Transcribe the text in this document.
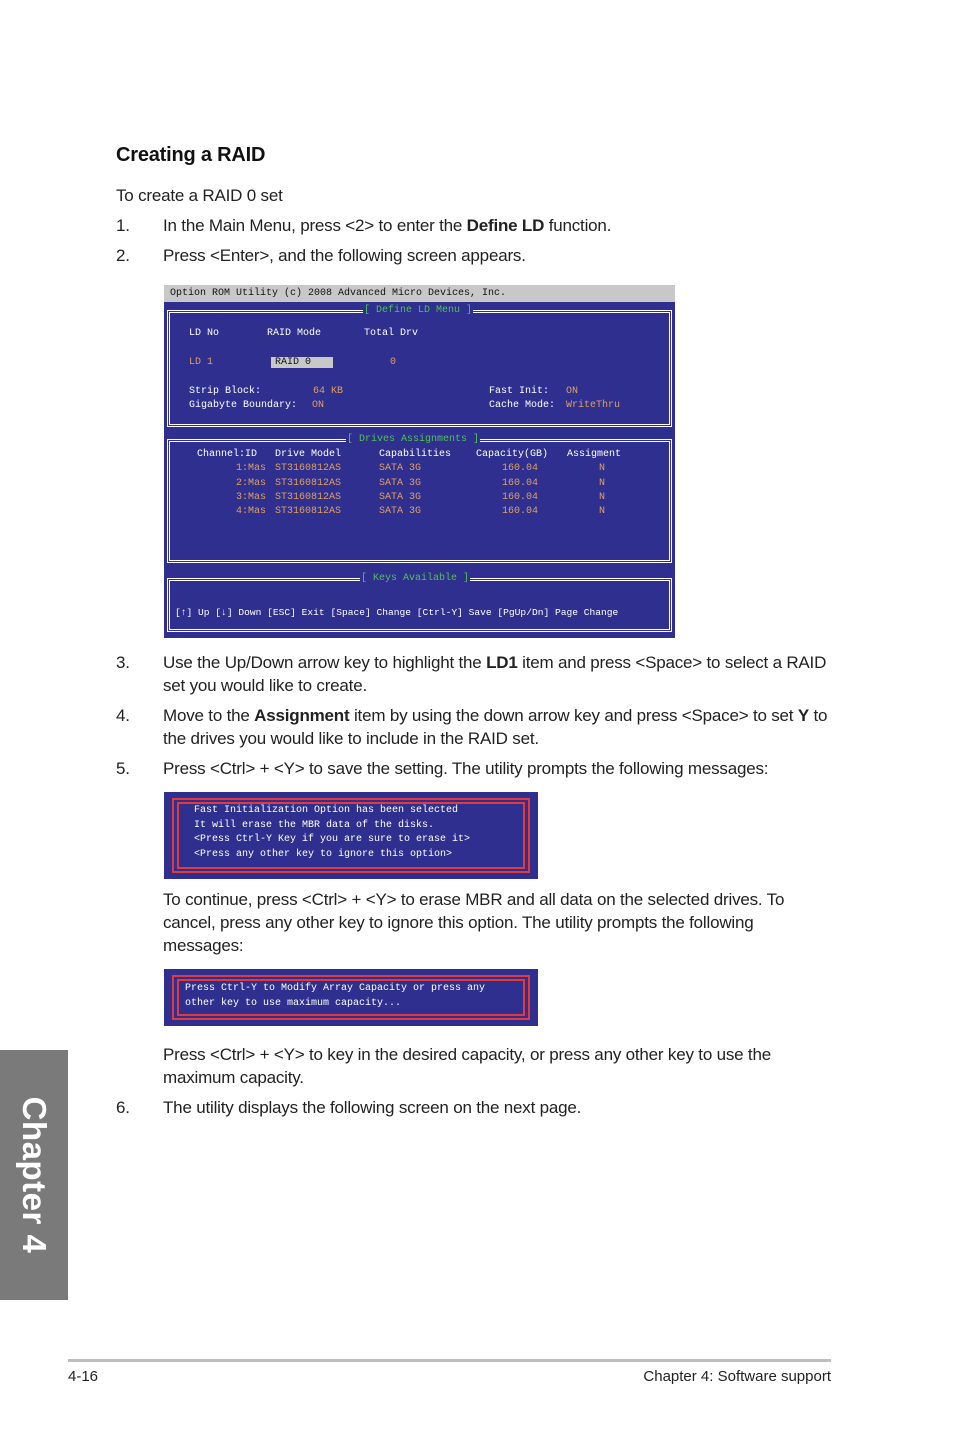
Creating a RAID
To create a RAID 0 set
1. In the Main Menu, press <2> to enter the Define LD function.
2. Press <Enter>, and the following screen appears.
Option ROM Utility (c) 2008 Advanced Micro Devices, Inc.
[ Define LD Menu ]
LD No	RAID Mode	Total Drv
LD 1	RAID 0	0
Strip Block:	64 KB
Gigabyte Boundary: ON
Fast Init: ON
Cache Mode: WriteThru
[ Drives Assignments ]
Channel:ID Drive Model	Capabilities Capacity(GB) Assigment
1:Mas ST3160812AS	SATA 3G	160.04	N
2:Mas ST3160812AS	SATA 3G	160.04	N
3:Mas ST3160812AS	SATA 3G	160.04	N
4:Mas ST3160812AS	SATA 3G	160.04	N
[ Keys Available ]
[↑] Up [↓] Down [ESC] Exit [Space] Change [Ctrl-Y] Save [PgUp/Dn] Page Change
3. Use the Up/Down arrow key to highlight the LD1 item and press <Space> to select a RAID set you would like to create.
4. Move to the Assignment item by using the down arrow key and press <Space> to set Y to the drives you would like to include in the RAID set.
5. Press <Ctrl> + <Y> to save the setting. The utility prompts the following messages:
Fast Initialization Option has been selected
It will erase the MBR data of the disks.
<Press Ctrl-Y Key if you are sure to erase it>
<Press any other key to ignore this option>
To continue, press <Ctrl> + <Y> to erase MBR and all data on the selected drives. To cancel, press any other key to ignore this option. The utility prompts the following messages:
Press Ctrl-Y to Modify Array Capacity or press any
other key to use maximum capacity...
Press <Ctrl> + <Y> to key in the desired capacity, or press any other key to use the maximum capacity.
6. The utility displays the following screen on the next page.
Chapter 4
4-16	Chapter 4: Software support
